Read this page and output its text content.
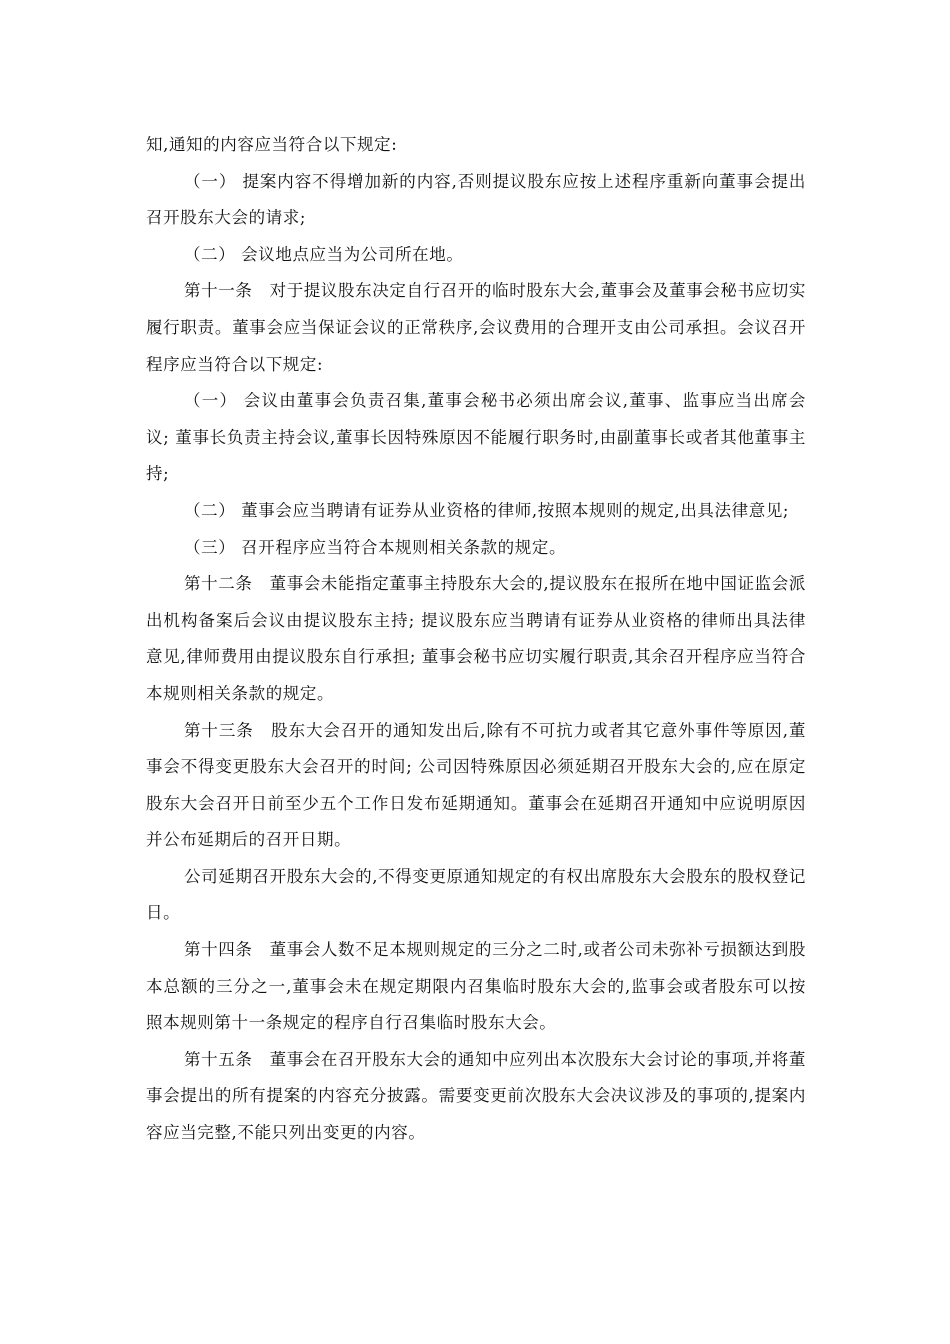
知,通知的内容应当符合以下规定:

（一） 提案内容不得增加新的内容,否则提议股东应按上述程序重新向董事会提出召开股东大会的请求;

（二） 会议地点应当为公司所在地。

第十一条　对于提议股东决定自行召开的临时股东大会,董事会及董事会秘书应切实履行职责。董事会应当保证会议的正常秩序,会议费用的合理开支由公司承担。会议召开程序应当符合以下规定:

（一） 会议由董事会负责召集,董事会秘书必须出席会议,董事、监事应当出席会议; 董事长负责主持会议,董事长因特殊原因不能履行职务时,由副董事长或者其他董事主持;

（二） 董事会应当聘请有证券从业资格的律师,按照本规则的规定,出具法律意见;

（三） 召开程序应当符合本规则相关条款的规定。

第十二条　董事会未能指定董事主持股东大会的,提议股东在报所在地中国证监会派出机构备案后会议由提议股东主持; 提议股东应当聘请有证券从业资格的律师出具法律意见,律师费用由提议股东自行承担; 董事会秘书应切实履行职责,其余召开程序应当符合本规则相关条款的规定。

第十三条　股东大会召开的通知发出后,除有不可抗力或者其它意外事件等原因,董事会不得变更股东大会召开的时间; 公司因特殊原因必须延期召开股东大会的,应在原定股东大会召开日前至少五个工作日发布延期通知。董事会在延期召开通知中应说明原因并公布延期后的召开日期。

公司延期召开股东大会的,不得变更原通知规定的有权出席股东大会股东的股权登记日。

第十四条　董事会人数不足本规则规定的三分之二时,或者公司未弥补亏损额达到股本总额的三分之一,董事会未在规定期限内召集临时股东大会的,监事会或者股东可以按照本规则第十一条规定的程序自行召集临时股东大会。

第十五条　董事会在召开股东大会的通知中应列出本次股东大会讨论的事项,并将董事会提出的所有提案的内容充分披露。需要变更前次股东大会决议涉及的事项的,提案内容应当完整,不能只列出变更的内容。
